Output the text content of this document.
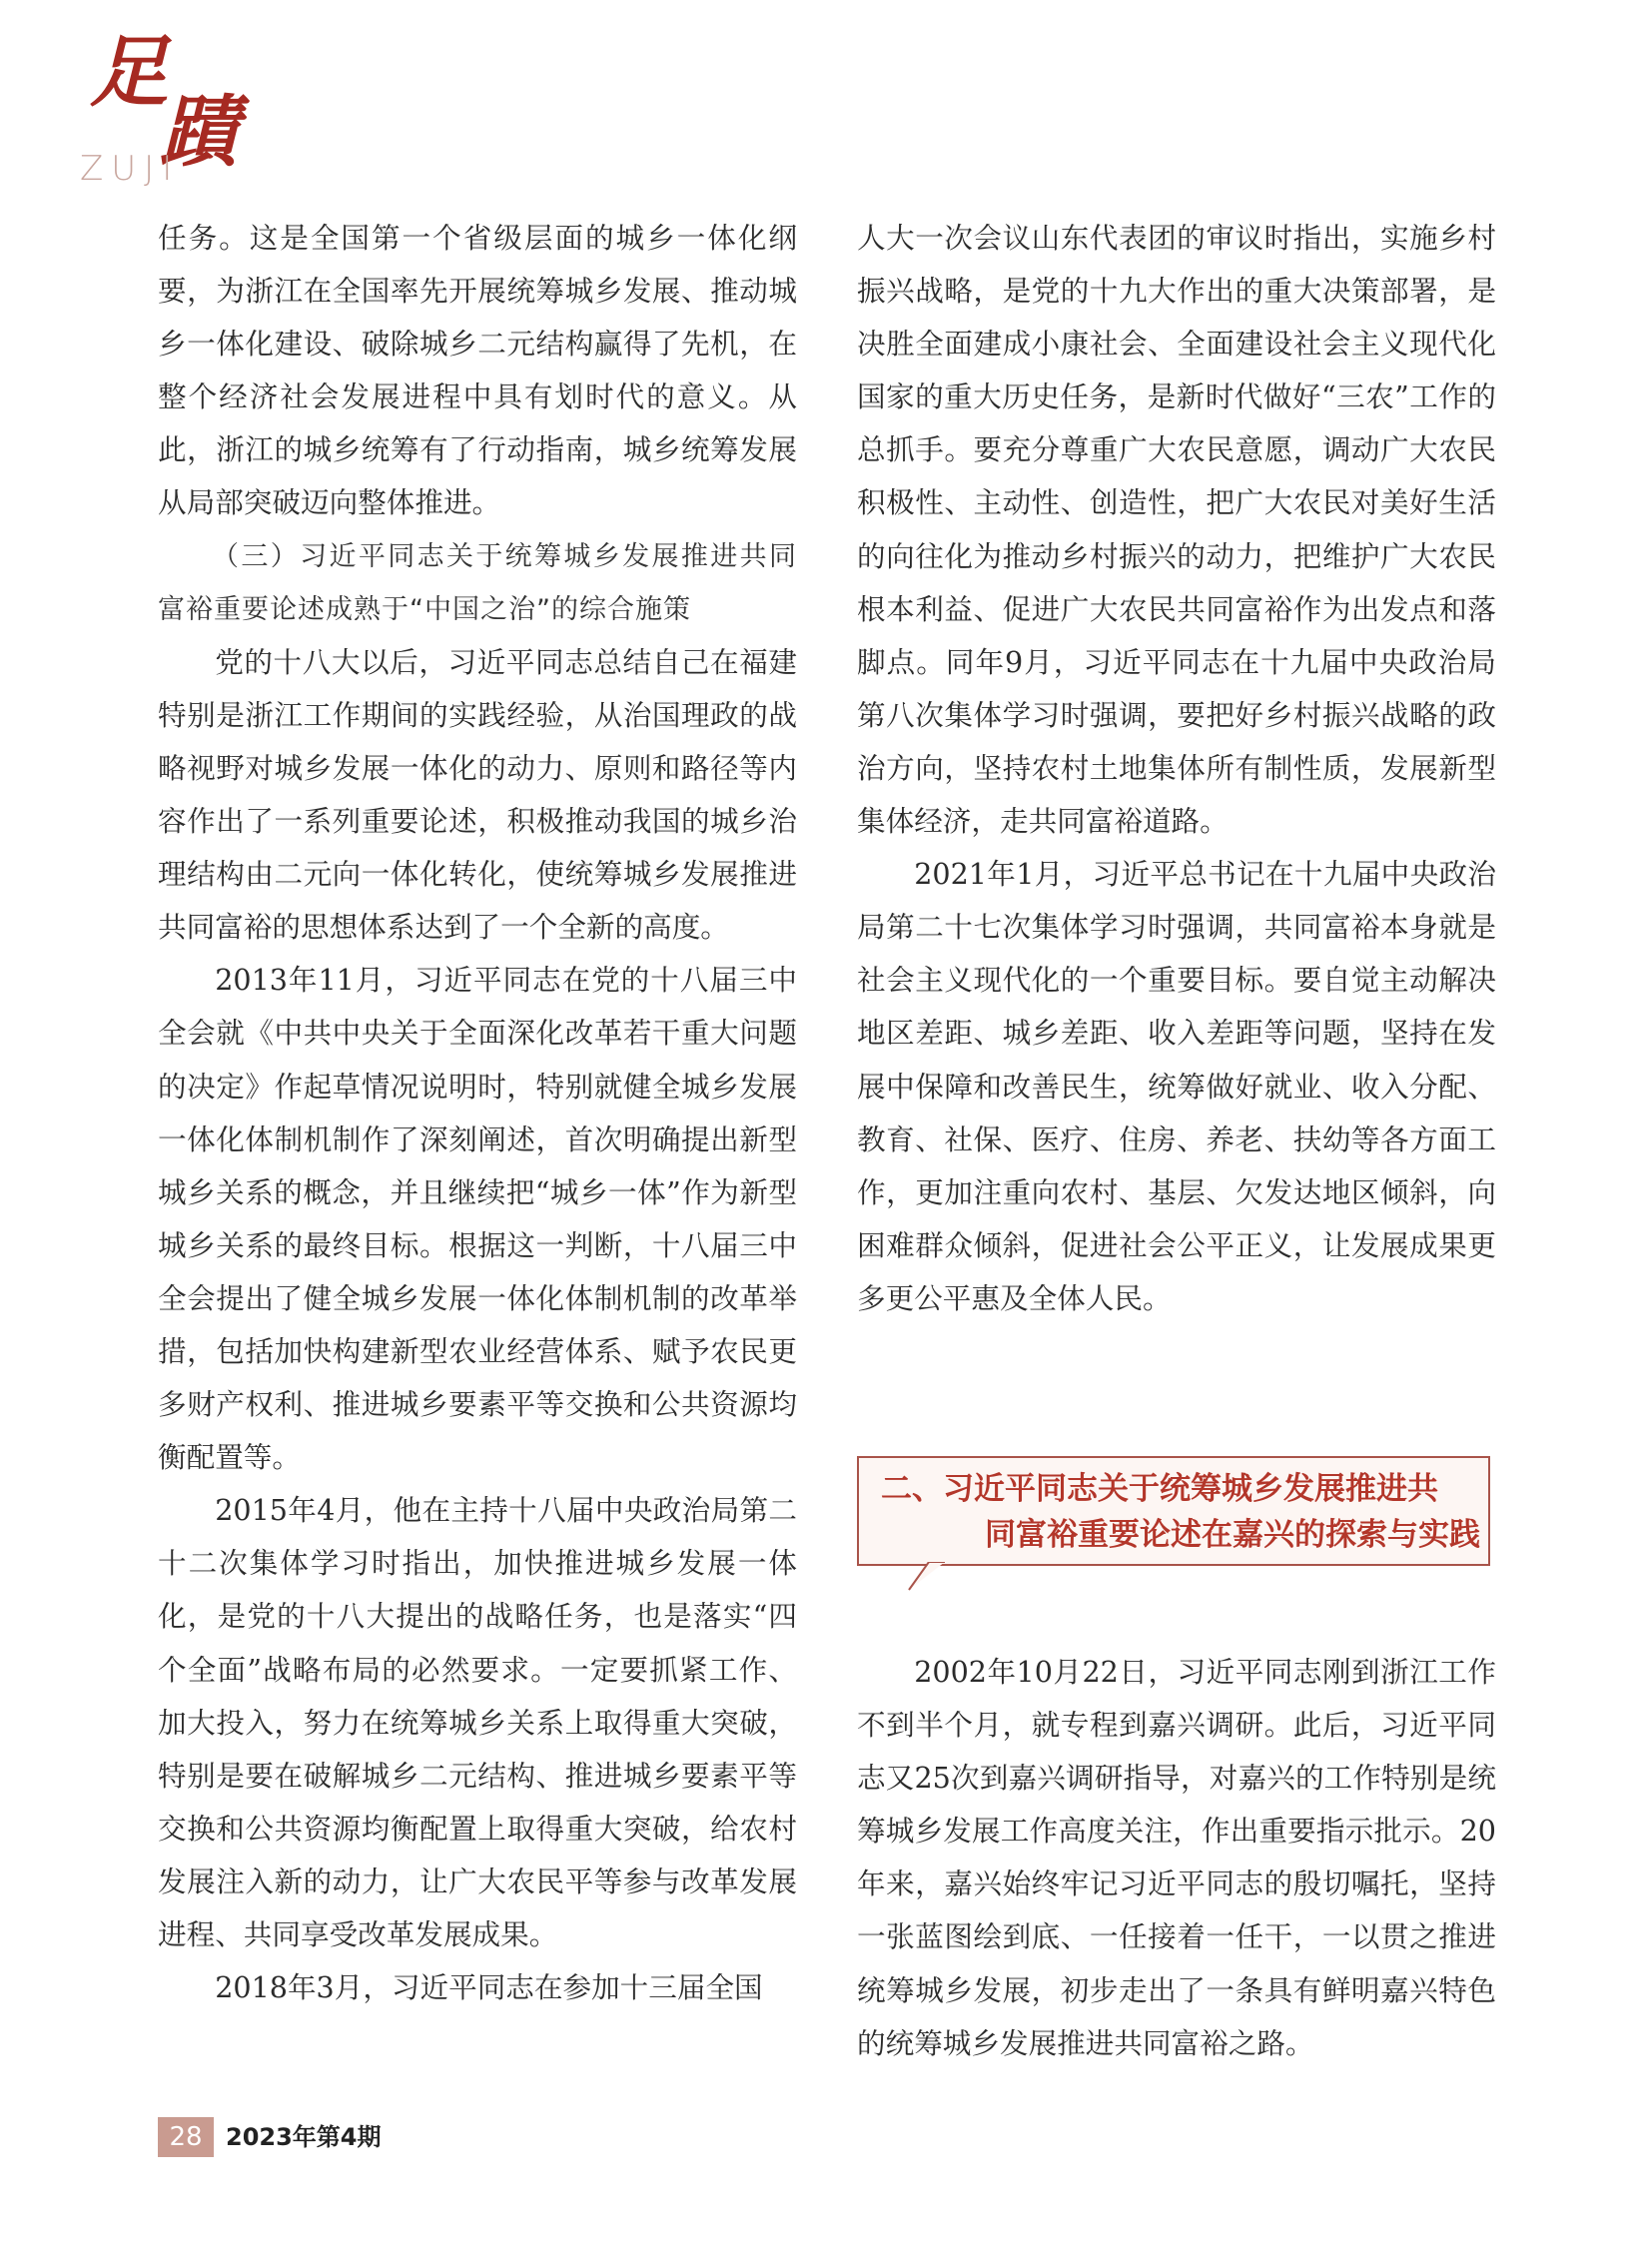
足蹟
ZUJI

任务。这是全国第一个省级层面的城乡一体化纲要，为浙江在全国率先开展统筹城乡发展、推动城乡一体化建设、破除城乡二元结构赢得了先机，在整个经济社会发展进程中具有划时代的意义。从此，浙江的城乡统筹有了行动指南，城乡统筹发展从局部突破迈向整体推进。

（三）习近平同志关于统筹城乡发展推进共同富裕重要论述成熟于“中国之治”的综合施策

党的十八大以后，习近平同志总结自己在福建特别是浙江工作期间的实践经验，从治国理政的战略视野对城乡发展一体化的动力、原则和路径等内容作出了一系列重要论述，积极推动我国的城乡治理结构由二元向一体化转化，使统筹城乡发展推进共同富裕的思想体系达到了一个全新的高度。

2013年11月，习近平同志在党的十八届三中全会就《中共中央关于全面深化改革若干重大问题的决定》作起草情况说明时，特别就健全城乡发展一体化体制机制作了深刻阐述，首次明确提出新型城乡关系的概念，并且继续把“城乡一体”作为新型城乡关系的最终目标。根据这一判断，十八届三中全会提出了健全城乡发展一体化体制机制的改革举措，包括加快构建新型农业经营体系、赋予农民更多财产权利、推进城乡要素平等交换和公共资源均衡配置等。

2015年4月，他在主持十八届中央政治局第二十二次集体学习时指出，加快推进城乡发展一体化，是党的十八大提出的战略任务，也是落实“四个全面”战略布局的必然要求。一定要抓紧工作、加大投入，努力在统筹城乡关系上取得重大突破，特别是要在破解城乡二元结构、推进城乡要素平等交换和公共资源均衡配置上取得重大突破，给农村发展注入新的动力，让广大农民平等参与改革发展进程、共同享受改革发展成果。

2018年3月，习近平同志在参加十三届全国

人大一次会议山东代表团的审议时指出，实施乡村振兴战略，是党的十九大作出的重大决策部署，是决胜全面建成小康社会、全面建设社会主义现代化国家的重大历史任务，是新时代做好“三农”工作的总抓手。要充分尊重广大农民意愿，调动广大农民积极性、主动性、创造性，把广大农民对美好生活的向往化为推动乡村振兴的动力，把维护广大农民根本利益、促进广大农民共同富裕作为出发点和落脚点。同年9月，习近平同志在十九届中央政治局第八次集体学习时强调，要把好乡村振兴战略的政治方向，坚持农村土地集体所有制性质，发展新型集体经济，走共同富裕道路。

2021年1月，习近平总书记在十九届中央政治局第二十七次集体学习时强调，共同富裕本身就是社会主义现代化的一个重要目标。要自觉主动解决地区差距、城乡差距、收入差距等问题，坚持在发展中保障和改善民生，统筹做好就业、收入分配、教育、社保、医疗、住房、养老、扶幼等各方面工作，更加注重向农村、基层、欠发达地区倾斜，向困难群众倾斜，促进社会公平正义，让发展成果更多更公平惠及全体人民。

二、习近平同志关于统筹城乡发展推进共
同富裕重要论述在嘉兴的探索与实践

2002年10月22日，习近平同志刚到浙江工作不到半个月，就专程到嘉兴调研。此后，习近平同志又25次到嘉兴调研指导，对嘉兴的工作特别是统筹城乡发展工作高度关注，作出重要指示批示。20年来，嘉兴始终牢记习近平同志的殷切嘱托，坚持一张蓝图绘到底、一任接着一任干，一以贯之推进统筹城乡发展，初步走出了一条具有鲜明嘉兴特色的统筹城乡发展推进共同富裕之路。

28 2023年第4期
